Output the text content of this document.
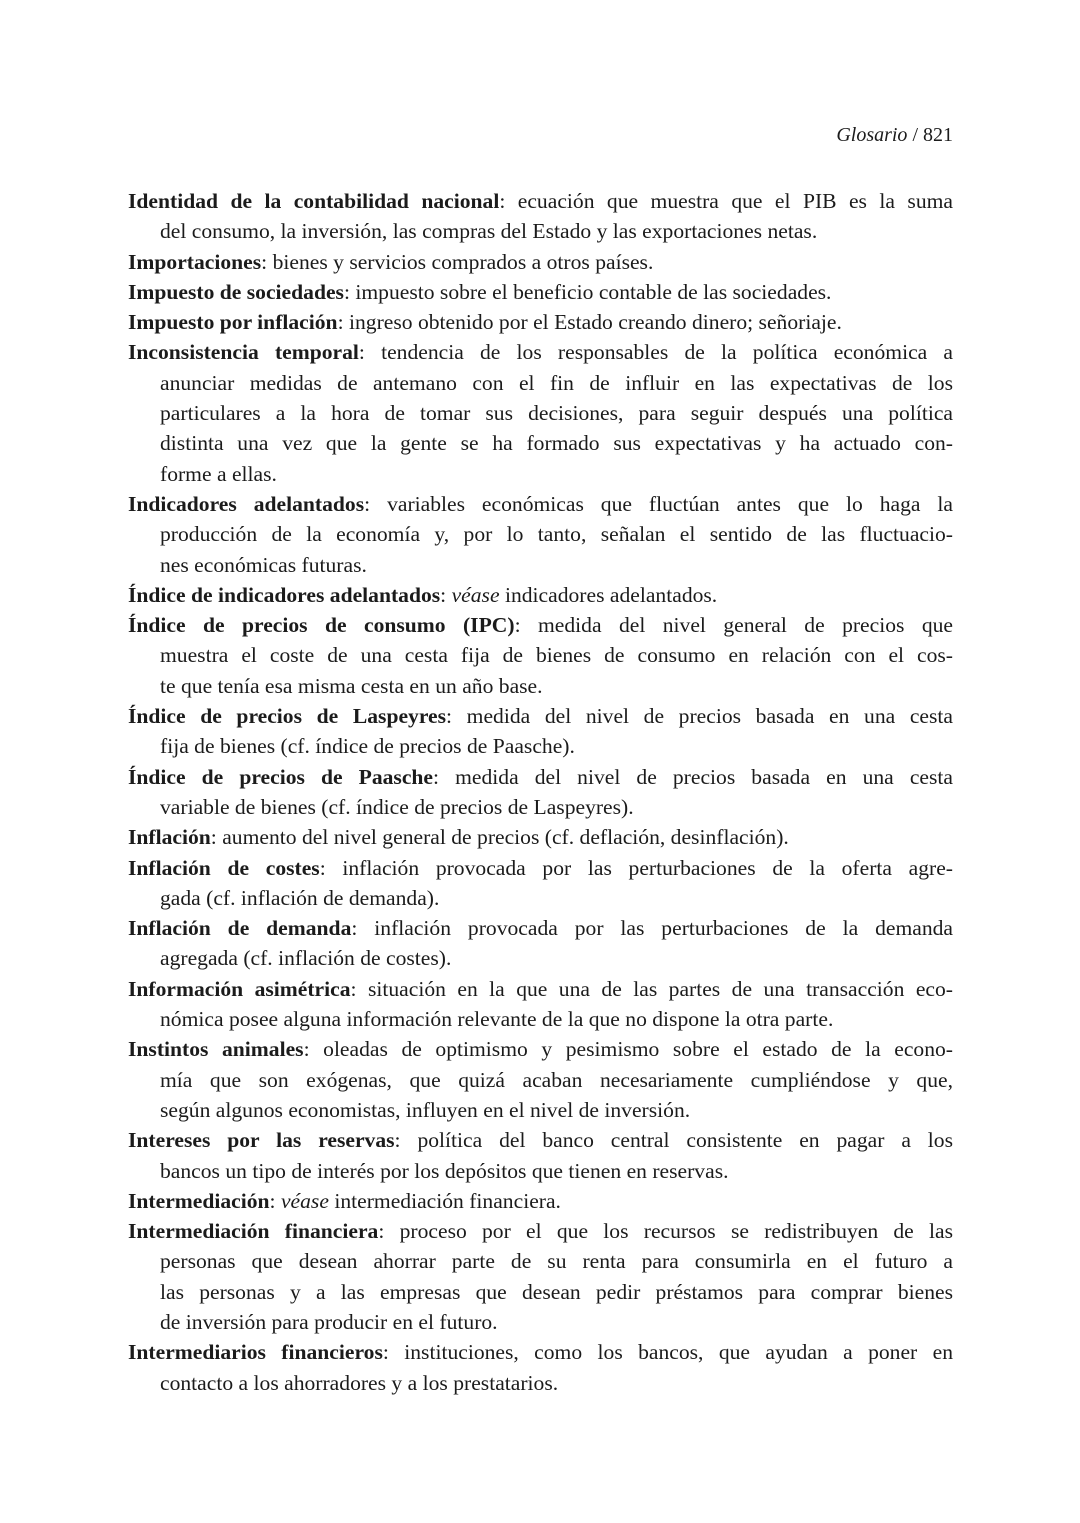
Glosario / 821
Identidad de la contabilidad nacional: ecuación que muestra que el PIB es la suma
del consumo, la inversión, las compras del Estado y las exportaciones netas.
Importaciones: bienes y servicios comprados a otros países.
Impuesto de sociedades: impuesto sobre el beneficio contable de las sociedades.
Impuesto por inflación: ingreso obtenido por el Estado creando dinero; señoriaje.
Inconsistencia temporal: tendencia de los responsables de la política económica a
anunciar medidas de antemano con el fin de influir en las expectativas de los
particulares a la hora de tomar sus decisiones, para seguir después una política
distinta una vez que la gente se ha formado sus expectativas y ha actuado con-
forme a ellas.
Indicadores adelantados: variables económicas que fluctúan antes que lo haga la
producción de la economía y, por lo tanto, señalan el sentido de las fluctuacio-
nes económicas futuras.
Índice de indicadores adelantados: véase indicadores adelantados.
Índice de precios de consumo (IPC): medida del nivel general de precios que
muestra el coste de una cesta fija de bienes de consumo en relación con el cos-
te que tenía esa misma cesta en un año base.
Índice de precios de Laspeyres: medida del nivel de precios basada en una cesta
fija de bienes (cf. índice de precios de Paasche).
Índice de precios de Paasche: medida del nivel de precios basada en una cesta
variable de bienes (cf. índice de precios de Laspeyres).
Inflación: aumento del nivel general de precios (cf. deflación, desinflación).
Inflación de costes: inflación provocada por las perturbaciones de la oferta agre-
gada (cf. inflación de demanda).
Inflación de demanda: inflación provocada por las perturbaciones de la demanda
agregada (cf. inflación de costes).
Información asimétrica: situación en la que una de las partes de una transacción eco-
nómica posee alguna información relevante de la que no dispone la otra parte.
Instintos animales: oleadas de optimismo y pesimismo sobre el estado de la econo-
mía que son exógenas, que quizá acaban necesariamente cumpliéndose y que,
según algunos economistas, influyen en el nivel de inversión.
Intereses por las reservas: política del banco central consistente en pagar a los
bancos un tipo de interés por los depósitos que tienen en reservas.
Intermediación: véase intermediación financiera.
Intermediación financiera: proceso por el que los recursos se redistribuyen de las
personas que desean ahorrar parte de su renta para consumirla en el futuro a
las personas y a las empresas que desean pedir préstamos para comprar bienes
de inversión para producir en el futuro.
Intermediarios financieros: instituciones, como los bancos, que ayudan a poner en
contacto a los ahorradores y a los prestatarios.
